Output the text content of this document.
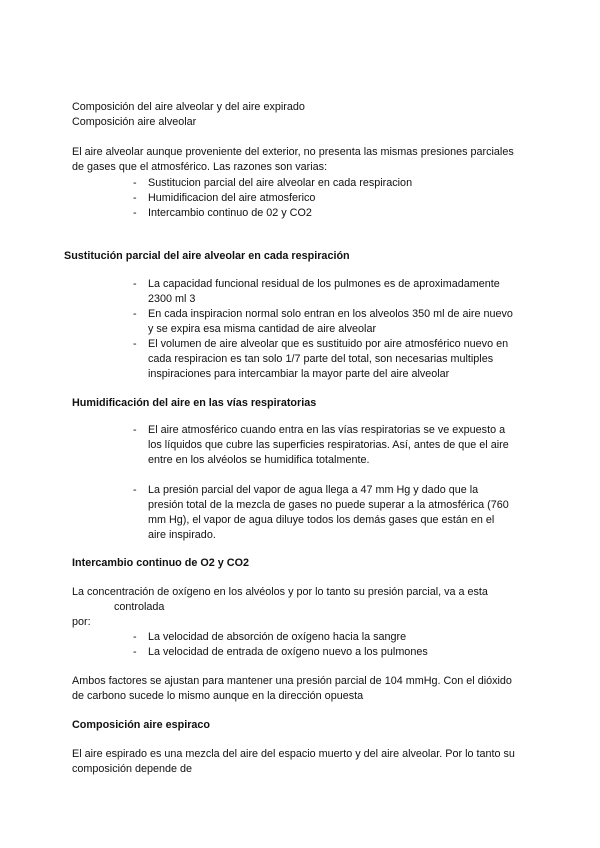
Composición del aire alveolar y del aire expirado
Composición aire alveolar
El aire alveolar aunque proveniente del exterior, no presenta las mismas presiones parciales
de gases que el atmosférico. Las razones son varias:
- Sustitucion parcial del aire alveolar en cada respiracion
- Humidificacion del aire atmosferico
- Intercambio continuo de 02 y CO2
Sustitución parcial del aire alveolar en cada respiración
- La capacidad funcional residual de los pulmones es de aproximadamente
2300 ml 3
- En cada inspiracion normal solo entran en los alveolos 350 ml de aire nuevo
y se expira esa misma cantidad de aire alveolar
- El volumen de aire alveolar que es sustituido por aire atmosférico nuevo en
cada respiracion es tan solo 1/7 parte del total, son necesarias multiples
inspiraciones para intercambiar la mayor parte del aire alveolar
Humidificación del aire en las vías respiratorias
- El aire atmosférico cuando entra en las vías respiratorias se ve expuesto a
los líquidos que cubre las superficies respiratorias. Así, antes de que el aire
entre en los alvéolos se humidifica totalmente.
- La presión parcial del vapor de agua llega a 47 mm Hg y dado que la
presión total de la mezcla de gases no puede superar a la atmosférica (760
mm Hg), el vapor de agua diluye todos los demás gases que están en el
aire inspirado.
Intercambio continuo de O2 y CO2
La concentración de oxígeno en los alvéolos y por lo tanto su presión parcial, va a esta
controlada
por:
- La velocidad de absorción de oxígeno hacia la sangre
- La velocidad de entrada de oxígeno nuevo a los pulmones
Ambos factores se ajustan para mantener una presión parcial de 104 mmHg. Con el dióxido
de carbono sucede lo mismo aunque en la dirección opuesta
Composición aire espiraco
El aire espirado es una mezcla del aire del espacio muerto y del aire alveolar. Por lo tanto su
composición depende de
